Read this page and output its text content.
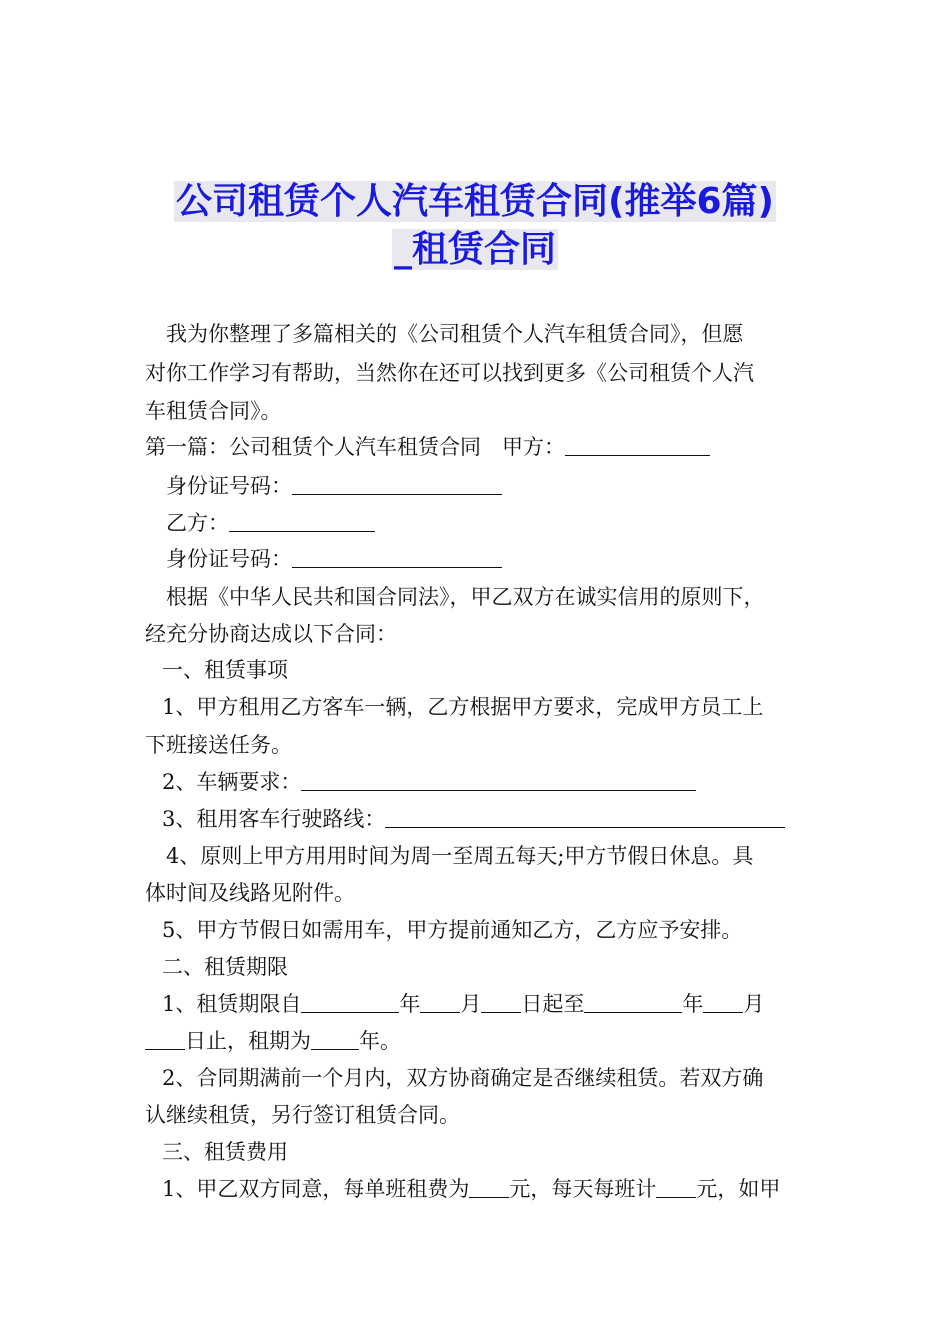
公司租赁个人汽车租赁合同(推举6篇)
_租赁合同
我为你整理了多篇相关的《公司租赁个人汽车租赁合同》，但愿
对你工作学习有帮助，当然你在还可以找到更多《公司租赁个人汽
车租赁合同》。
第一篇：公司租赁个人汽车租赁合同　甲方：
身份证号码：
乙方：
身份证号码：
根据《中华人民共和国合同法》，甲乙双方在诚实信用的原则下，
经充分协商达成以下合同：
一、租赁事项
1、甲方租用乙方客车一辆，乙方根据甲方要求，完成甲方员工上
下班接送任务。
2、车辆要求：
3、租用客车行驶路线：
4、原则上甲方用用时间为周一至周五每天;甲方节假日休息。具
体时间及线路见附件。
5、甲方节假日如需用车，甲方提前通知乙方，乙方应予安排。
二、租赁期限
1、租赁期限自	年 月 日起至	年 月
日止，租期为 年。
2、合同期满前一个月内，双方协商确定是否继续租赁。若双方确
认继续租赁，另行签订租赁合同。
三、租赁费用
1、甲乙双方同意，每单班租费为 元，每天每班计 元，如甲
